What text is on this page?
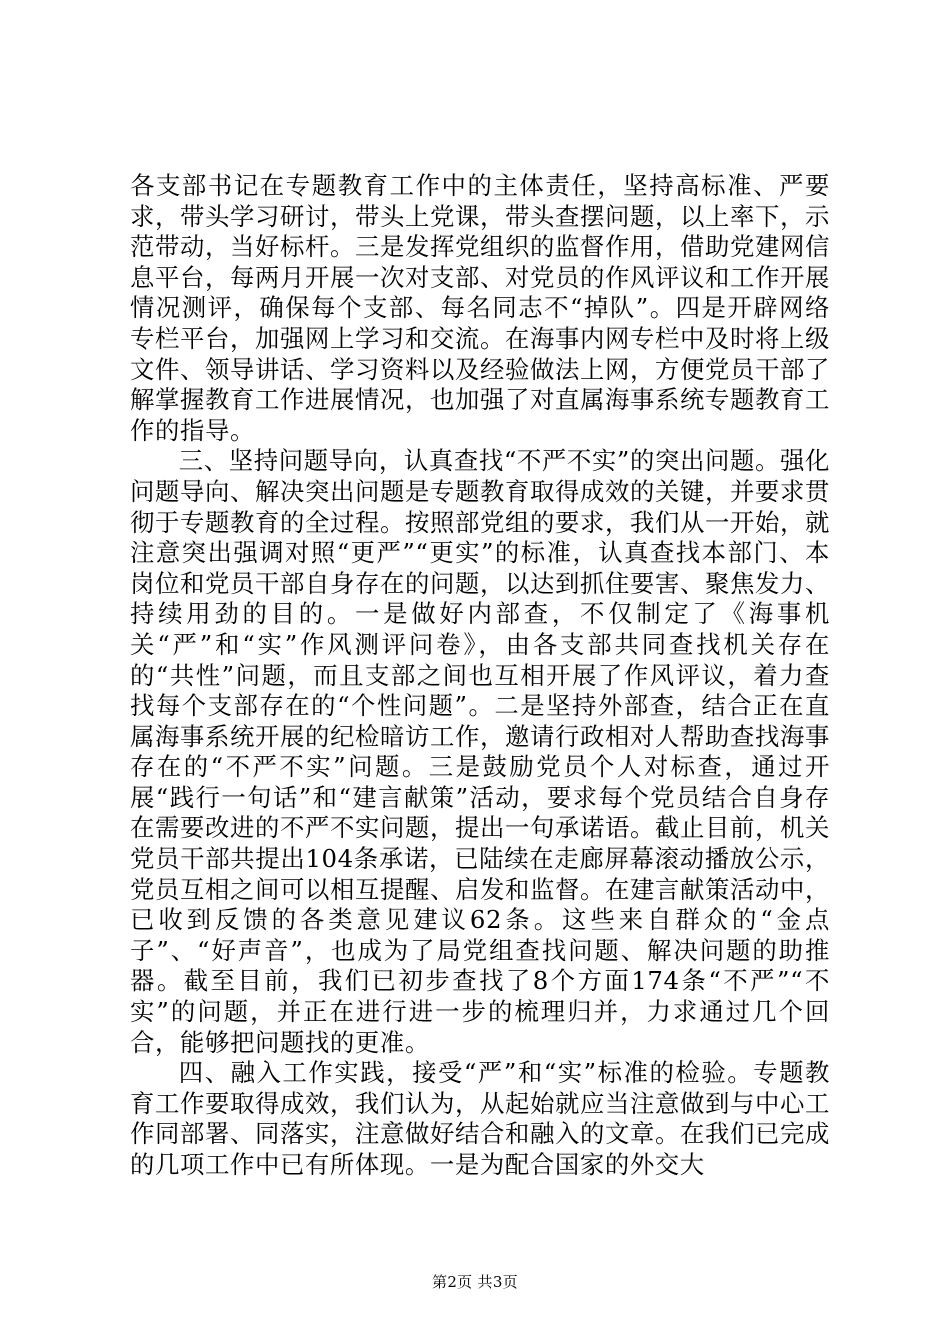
各支部书记在专题教育工作中的主体责任，坚持高标准、严要求，带头学习研讨，带头上党课，带头查摆问题，以上率下，示范带动，当好标杆。三是发挥党组织的监督作用，借助党建网信息平台，每两月开展一次对支部、对党员的作风评议和工作开展情况测评，确保每个支部、每名同志不“掉队”。四是开辟网络专栏平台，加强网上学习和交流。在海事内网专栏中及时将上级文件、领导讲话、学习资料以及经验做法上网，方便党员干部了解掌握教育工作进展情况，也加强了对直属海事系统专题教育工作的指导。

三、坚持问题导向，认真查找“不严不实”的突出问题。强化问题导向、解决突出问题是专题教育取得成效的关键，并要求贯彻于专题教育的全过程。按照部党组的要求，我们从一开始，就注意突出强调对照“更严”“更实”的标准，认真查找本部门、本岗位和党员干部自身存在的问题，以达到抓住要害、聚焦发力、持续用劲的目的。一是做好内部查，不仅制定了《海事机关“严”和“实”作风测评问卷》，由各支部共同查找机关存在的“共性”问题，而且支部之间也互相开展了作风评议，着力查找每个支部存在的“个性问题”。二是坚持外部查，结合正在直属海事系统开展的纪检暗访工作，邀请行政相对人帮助查找海事存在的“不严不实”问题。三是鼓励党员个人对标查，通过开展“践行一句话”和“建言献策”活动，要求每个党员结合自身存在需要改进的不严不实问题，提出一句承诺语。截止目前，机关党员干部共提出104条承诺，已陆续在走廊屏幕滚动播放公示，党员互相之间可以相互提醒、启发和监督。在建言献策活动中，已收到反馈的各类意见建议62条。这些来自群众的“金点子”、“好声音”，也成为了局党组查找问题、解决问题的助推器。截至目前，我们已初步查找了8个方面174条“不严”“不实”的问题，并正在进行进一步的梳理归并，力求通过几个回合，能够把问题找的更准。

四、融入工作实践，接受“严”和“实”标准的检验。专题教育工作要取得成效，我们认为，从起始就应当注意做到与中心工作同部署、同落实，注意做好结合和融入的文章。在我们已完成的几项工作中已有所体现。一是为配合国家的外交大

第2页 共3页
